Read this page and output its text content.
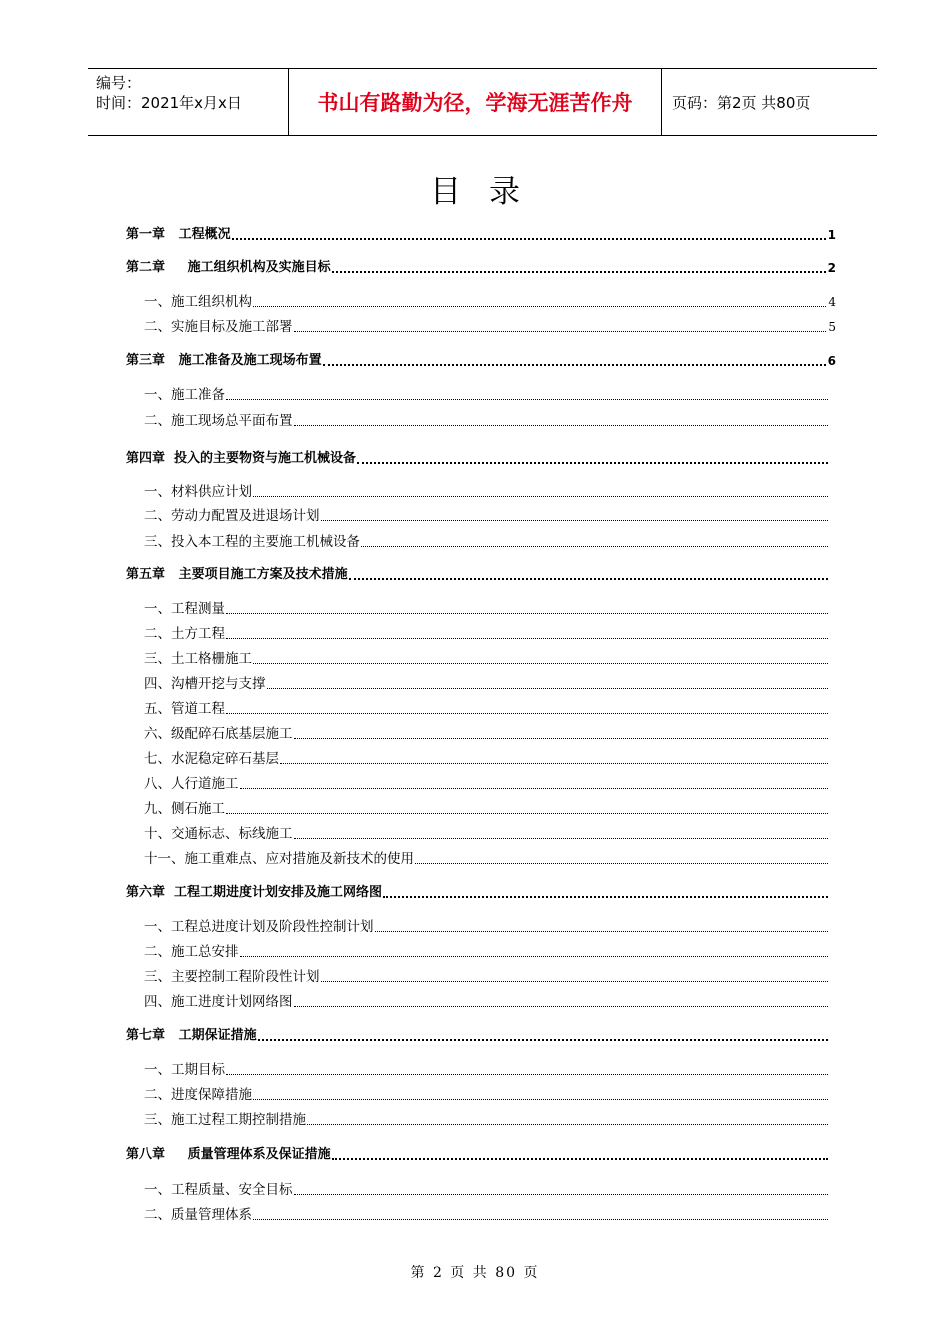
编号：
时间：2021年x月x日	书山有路勤为径，学海无涯苦作舟	页码：第2页 共80页
目录
第一章   工程概况	1
第二章     施工组织机构及实施目标	2
一、施工组织机构	4
二、实施目标及施工部署	5
第三章   施工准备及施工现场布置	6
一、施工准备
二、施工现场总平面布置
第四章  投入的主要物资与施工机械设备
一、材料供应计划
二、劳动力配置及进退场计划
三、投入本工程的主要施工机械设备
第五章   主要项目施工方案及技术措施
一、工程测量
二、土方工程
三、土工格栅施工
四、沟槽开挖与支撑
五、管道工程
六、级配碎石底基层施工
七、水泥稳定碎石基层
八、人行道施工
九、侧石施工
十、交通标志、标线施工
十一、施工重难点、应对措施及新技术的使用
第六章  工程工期进度计划安排及施工网络图
一、工程总进度计划及阶段性控制计划
二、施工总安排
三、主要控制工程阶段性计划
四、施工进度计划网络图
第七章   工期保证措施
一、工期目标
二、进度保障措施
三、施工过程工期控制措施
第八章     质量管理体系及保证措施
一、工程质量、安全目标
二、质量管理体系
第 2 页 共 80 页
